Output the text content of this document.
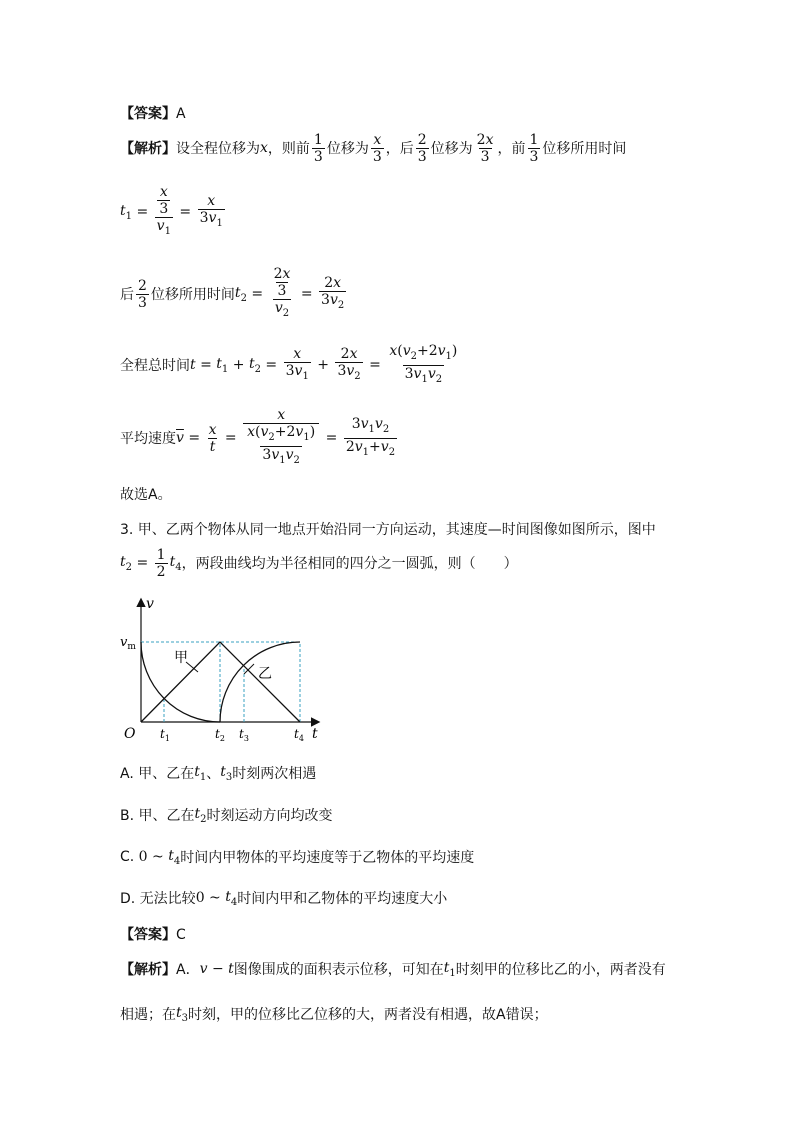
【答案】A
【解析】 设全程位移为 x ，则前 $\frac{1}{3}$ 位移为 $\frac{x}{3}$ ，后 $\frac{2}{3}$ 位移为 $\frac{2x}{3}$ ，前 $\frac{1}{3}$ 位移所用时间
$t_1 = \frac{\frac{x}{3}}{v_1} = \frac{x}{3v_1}$
后 $\frac{2}{3}$ 位移所用时间 $t_2 = \frac{\frac{2x}{3}}{v_2} = \frac{2x}{3v_2}$
全程总时间 $t = t_1 + t_2 = \frac{x}{3v_1} + \frac{2x}{3v_2} = \frac{x(v_2+2v_1)}{3v_1v_2}$
平均速度 $\overline{v} = \frac{x}{t} = \frac{x}{\frac{x(v_2+2v_1)}{3v_1v_2}} = \frac{3v_1v_2}{2v_1+v_2}$
故选A。
3. 甲、乙两个物体从同一地点开始沿同一方向运动，其速度—时间图像如图所示，图中
$t_2 = \frac{1}{2} t_4$ ，两段曲线均为半径相同的四分之一圆弧，则（　　）
v
t
O
$v_m$
甲
乙
$t_1$	$t_2$ $t_3$	$t_4$
A. 甲、乙在 $t_1$ 、 $t_3$ 时刻两次相遇
B. 甲、乙在 $t_2$ 时刻运动方向均改变
C. 0 ~ $t_4$ 时间内甲物体的平均速度等于乙物体的平均速度
D. 无法比较 0 ~ $t_4$ 时间内甲和乙物体的平均速度大小
【答案】C
【解析】 A． v − t 图像围成的面积表示位移，可知在 $t_1$ 时刻甲的位移比乙的小，两者没有
相遇；在 $t_3$ 时刻，甲的位移比乙位移的大，两者没有相遇，故A错误；
